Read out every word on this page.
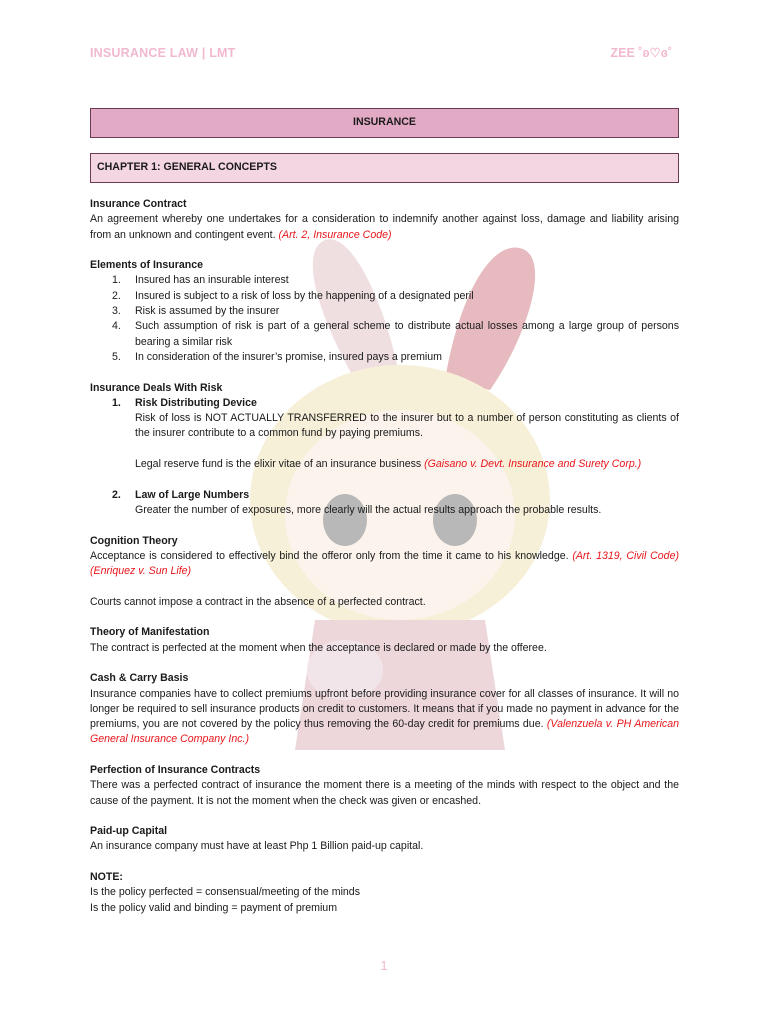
INSURANCE LAW | LMT	ZEE ˚ʚ♡ɞ˚
INSURANCE
CHAPTER 1: GENERAL CONCEPTS
Insurance Contract
An agreement whereby one undertakes for a consideration to indemnify another against loss, damage and liability arising from an unknown and contingent event. (Art. 2, Insurance Code)
Elements of Insurance
1. Insured has an insurable interest
2. Insured is subject to a risk of loss by the happening of a designated peril
3. Risk is assumed by the insurer
4. Such assumption of risk is part of a general scheme to distribute actual losses among a large group of persons bearing a similar risk
5. In consideration of the insurer’s promise, insured pays a premium
Insurance Deals With Risk
1. Risk Distributing Device
Risk of loss is NOT ACTUALLY TRANSFERRED to the insurer but to a number of person constituting as clients of the insurer contribute to a common fund by paying premiums.
Legal reserve fund is the elixir vitae of an insurance business (Gaisano v. Devt. Insurance and Surety Corp.)
2. Law of Large Numbers
Greater the number of exposures, more clearly will the actual results approach the probable results.
Cognition Theory
Acceptance is considered to effectively bind the offeror only from the time it came to his knowledge. (Art. 1319, Civil Code) (Enriquez v. Sun Life)
Courts cannot impose a contract in the absence of a perfected contract.
Theory of Manifestation
The contract is perfected at the moment when the acceptance is declared or made by the offeree.
Cash & Carry Basis
Insurance companies have to collect premiums upfront before providing insurance cover for all classes of insurance. It will no longer be required to sell insurance products on credit to customers. It means that if you made no payment in advance for the premiums, you are not covered by the policy thus removing the 60-day credit for premiums due. (Valenzuela v. PH American General Insurance Company Inc.)
Perfection of Insurance Contracts
There was a perfected contract of insurance the moment there is a meeting of the minds with respect to the object and the cause of the payment. It is not the moment when the check was given or encashed.
Paid-up Capital
An insurance company must have at least Php 1 Billion paid-up capital.
NOTE:
Is the policy perfected = consensual/meeting of the minds
Is the policy valid and binding = payment of premium
1
